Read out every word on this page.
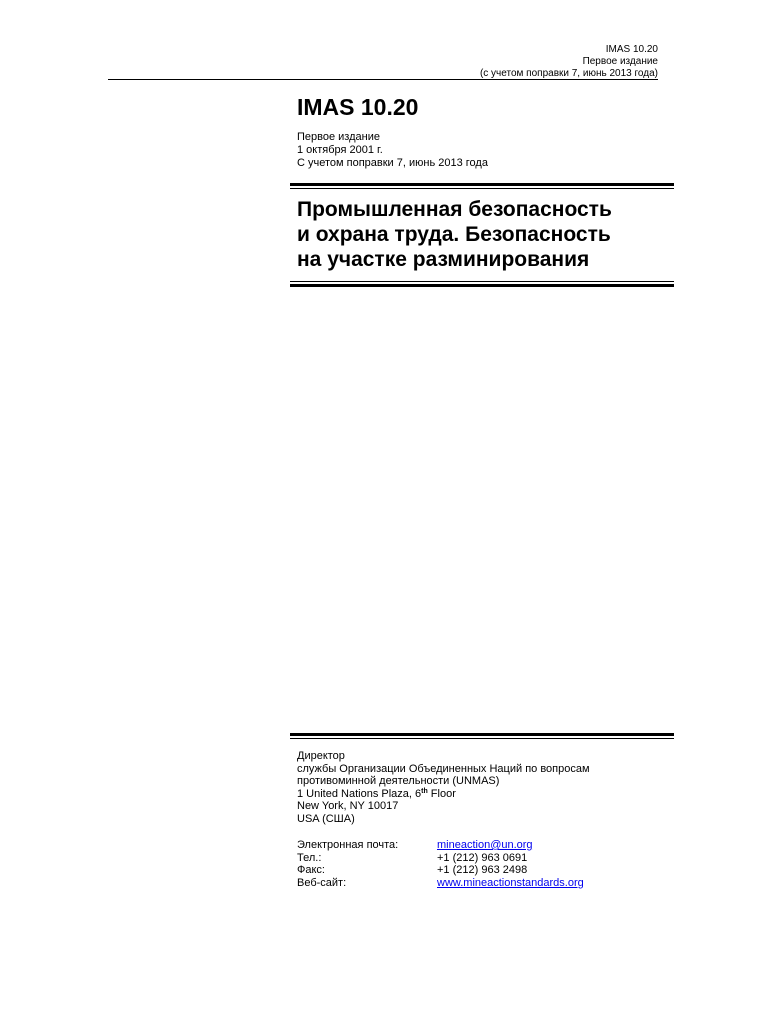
IMAS 10.20
Первое издание
(с учетом поправки 7, июнь 2013 года)
IMAS 10.20
Первое издание
1 октября 2001 г.
С учетом поправки 7, июнь 2013 года
Промышленная безопасность
и охрана труда. Безопасность
на участке разминирования
Директор
службы Организации Объединенных Наций по вопросам
противоминной деятельности (UNMAS)
1 United Nations Plaza, 6th Floor
New York, NY 10017
USA (США)
Электронная почта:	mineaction@un.org
Тел.:	+1 (212) 963 0691
Факс:	+1 (212) 963 2498
Веб-сайт:	www.mineactionstandards.org
